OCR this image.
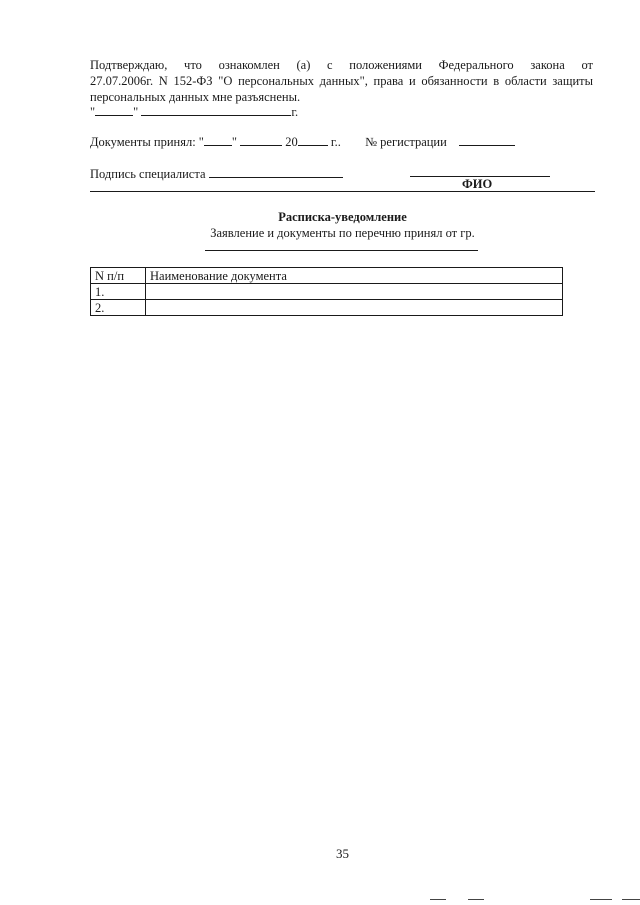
Подтверждаю, что ознакомлен (а) с положениями Федерального закона от

27.07.2006г. N 152-ФЗ "О персональных данных", права и обязанности в области защиты персональных данных мне разъяснены.

"	"	г.
Документы принял: " "	20	г.. № регистрации
Подпись специалиста
ФИО
Расписка-уведомление
Заявление и документы по перечню принял от гр.
N п/п	Наименование документа
1.	
2.	
35
